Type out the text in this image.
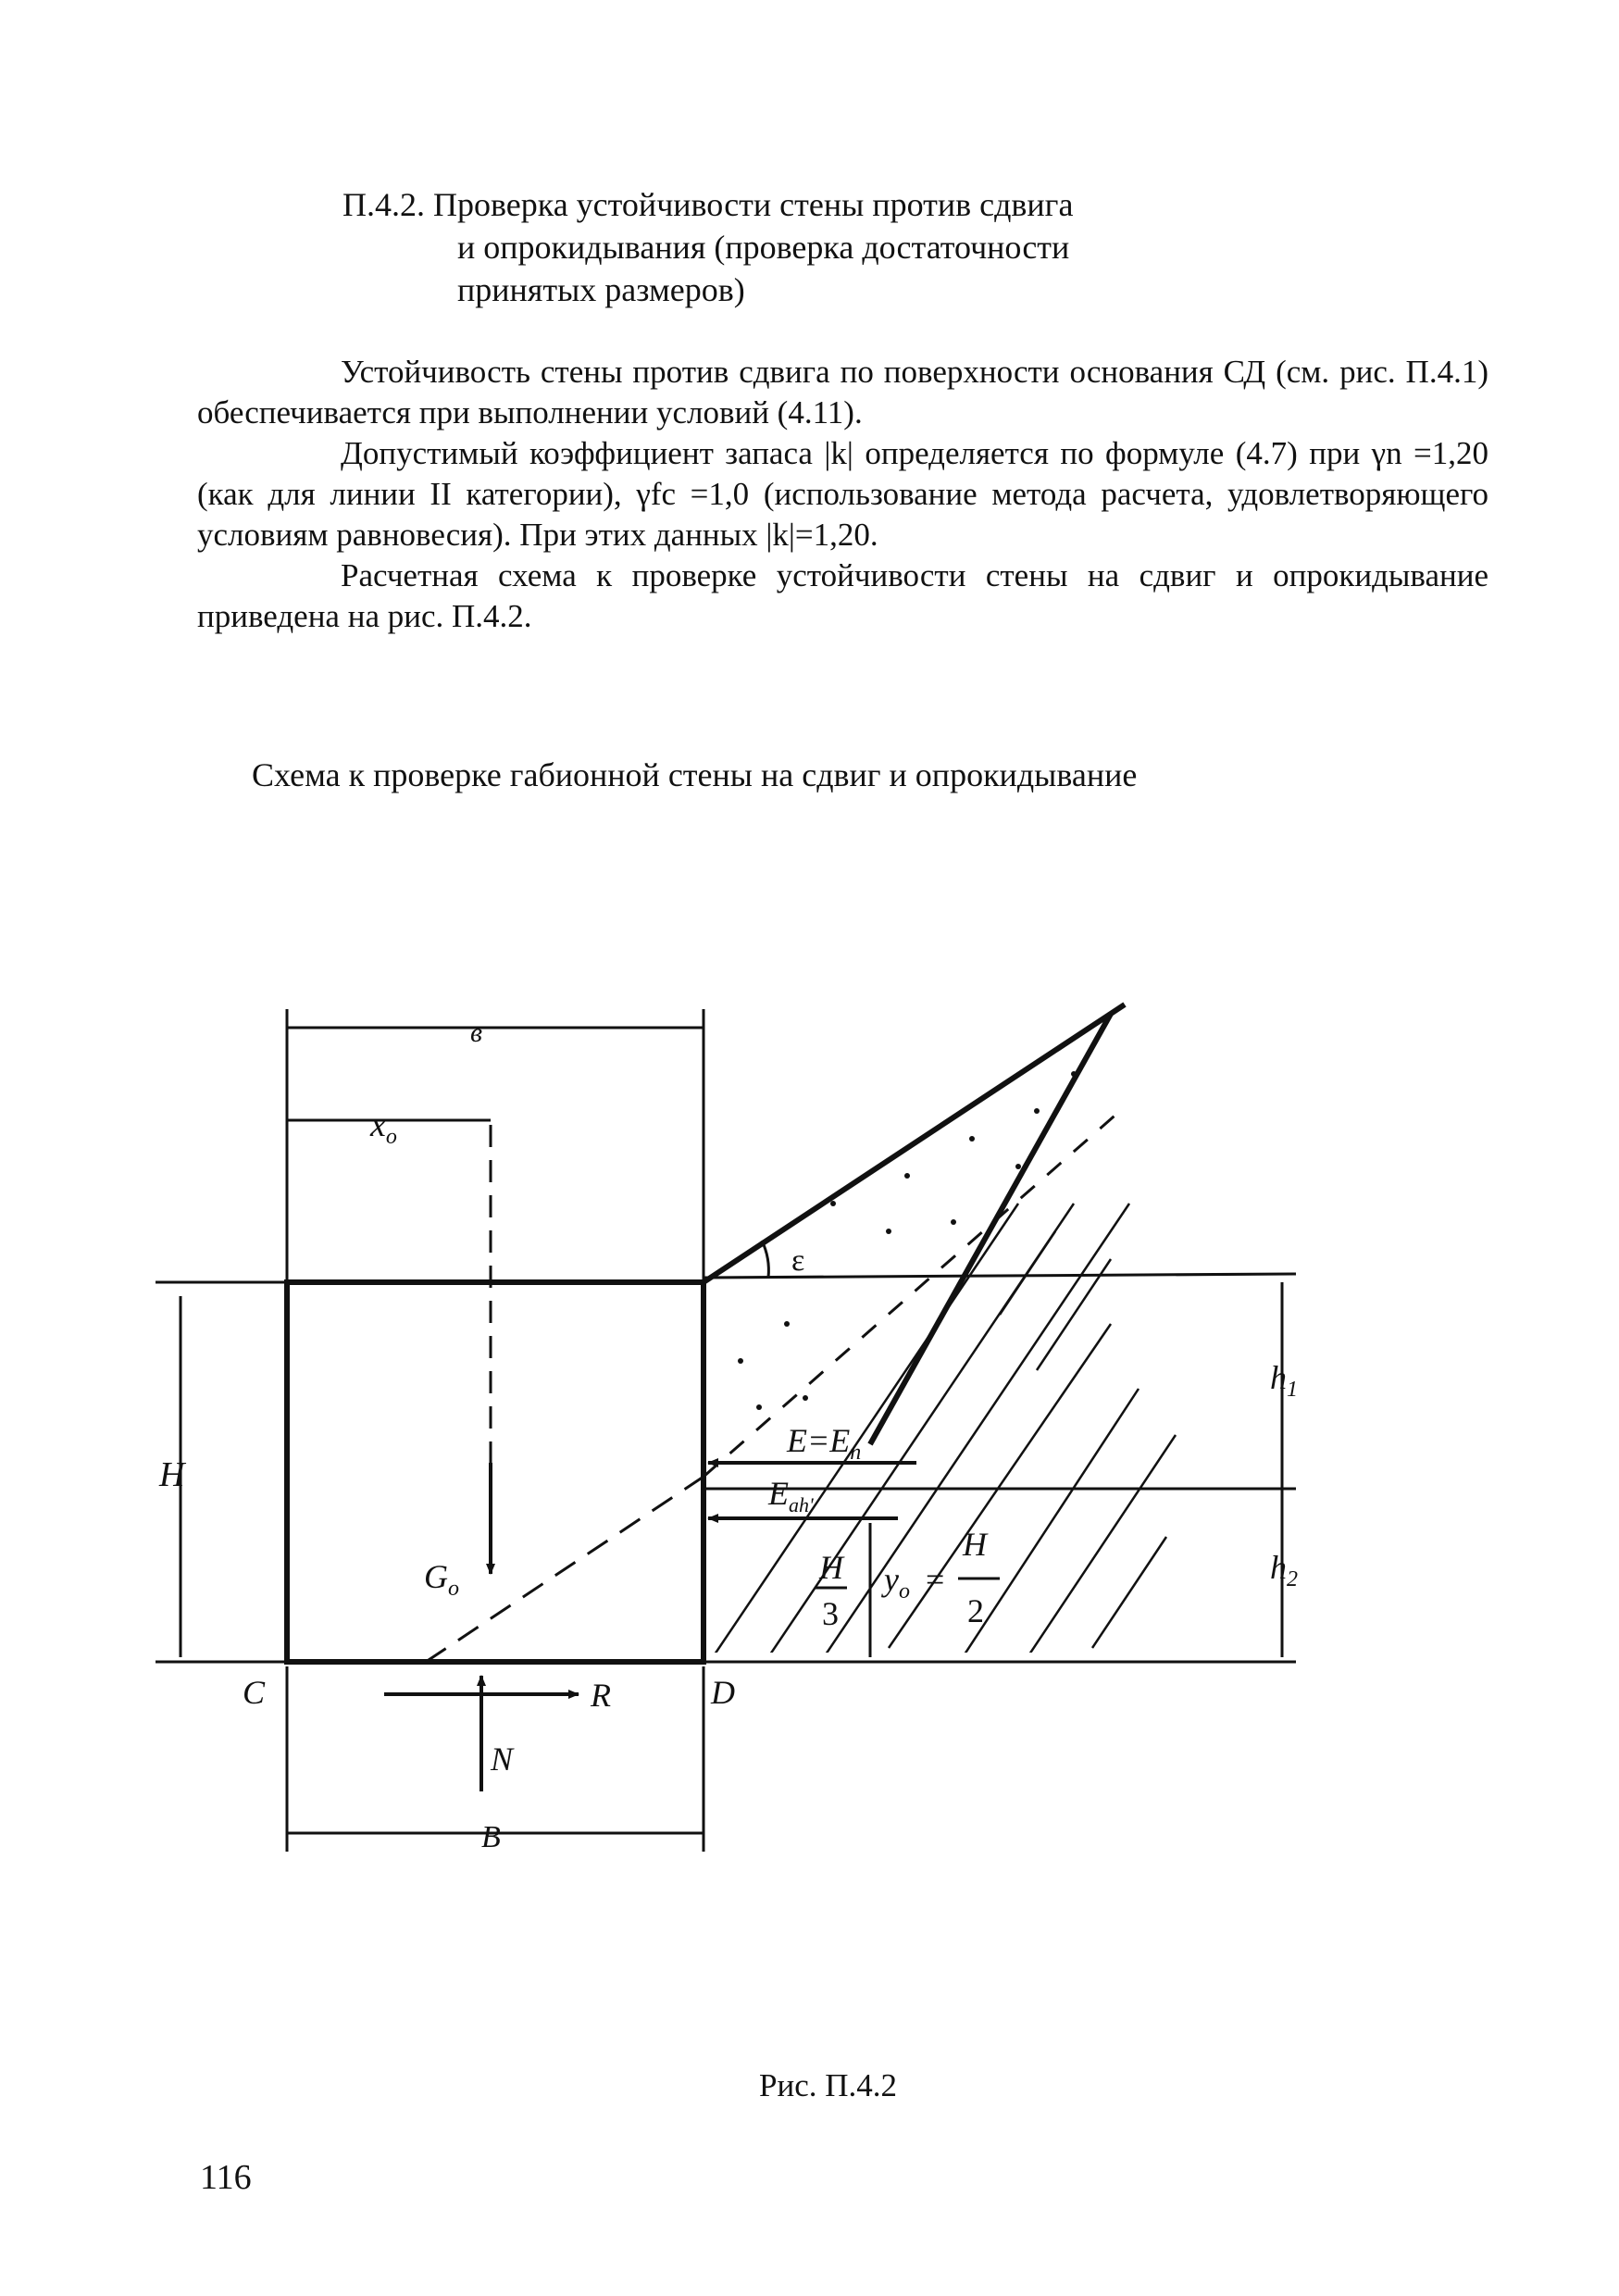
П.4.2. Проверка устойчивости стены против сдвига
и опрокидывания (проверка достаточности
принятых размеров)

Устойчивость стены против сдвига по поверхности основания СД (см. рис. П.4.1) обеспечивается при выполнении условий (4.11).

Допустимый коэффициент запаса |k| определяется по формуле (4.7) при γn =1,20 (как для линии II категории), γfc =1,0 (использование метода расчета, удовлетворяющего условиям равновесия). При этих данных |k|=1,20.

Расчетная схема к проверке устойчивости стены на сдвиг и опрокидывание приведена на рис. П.4.2.

Схема к проверке габионной стены на сдвиг и опрокидывание
в
$x_o$
ε
H
$h_1$
$h_2$
$E=E_n$
$E_{ah'}$
H
3
$y_o$ =
H
2
$G_o$
R
N
C	D
B
Рис. П.4.2
116
